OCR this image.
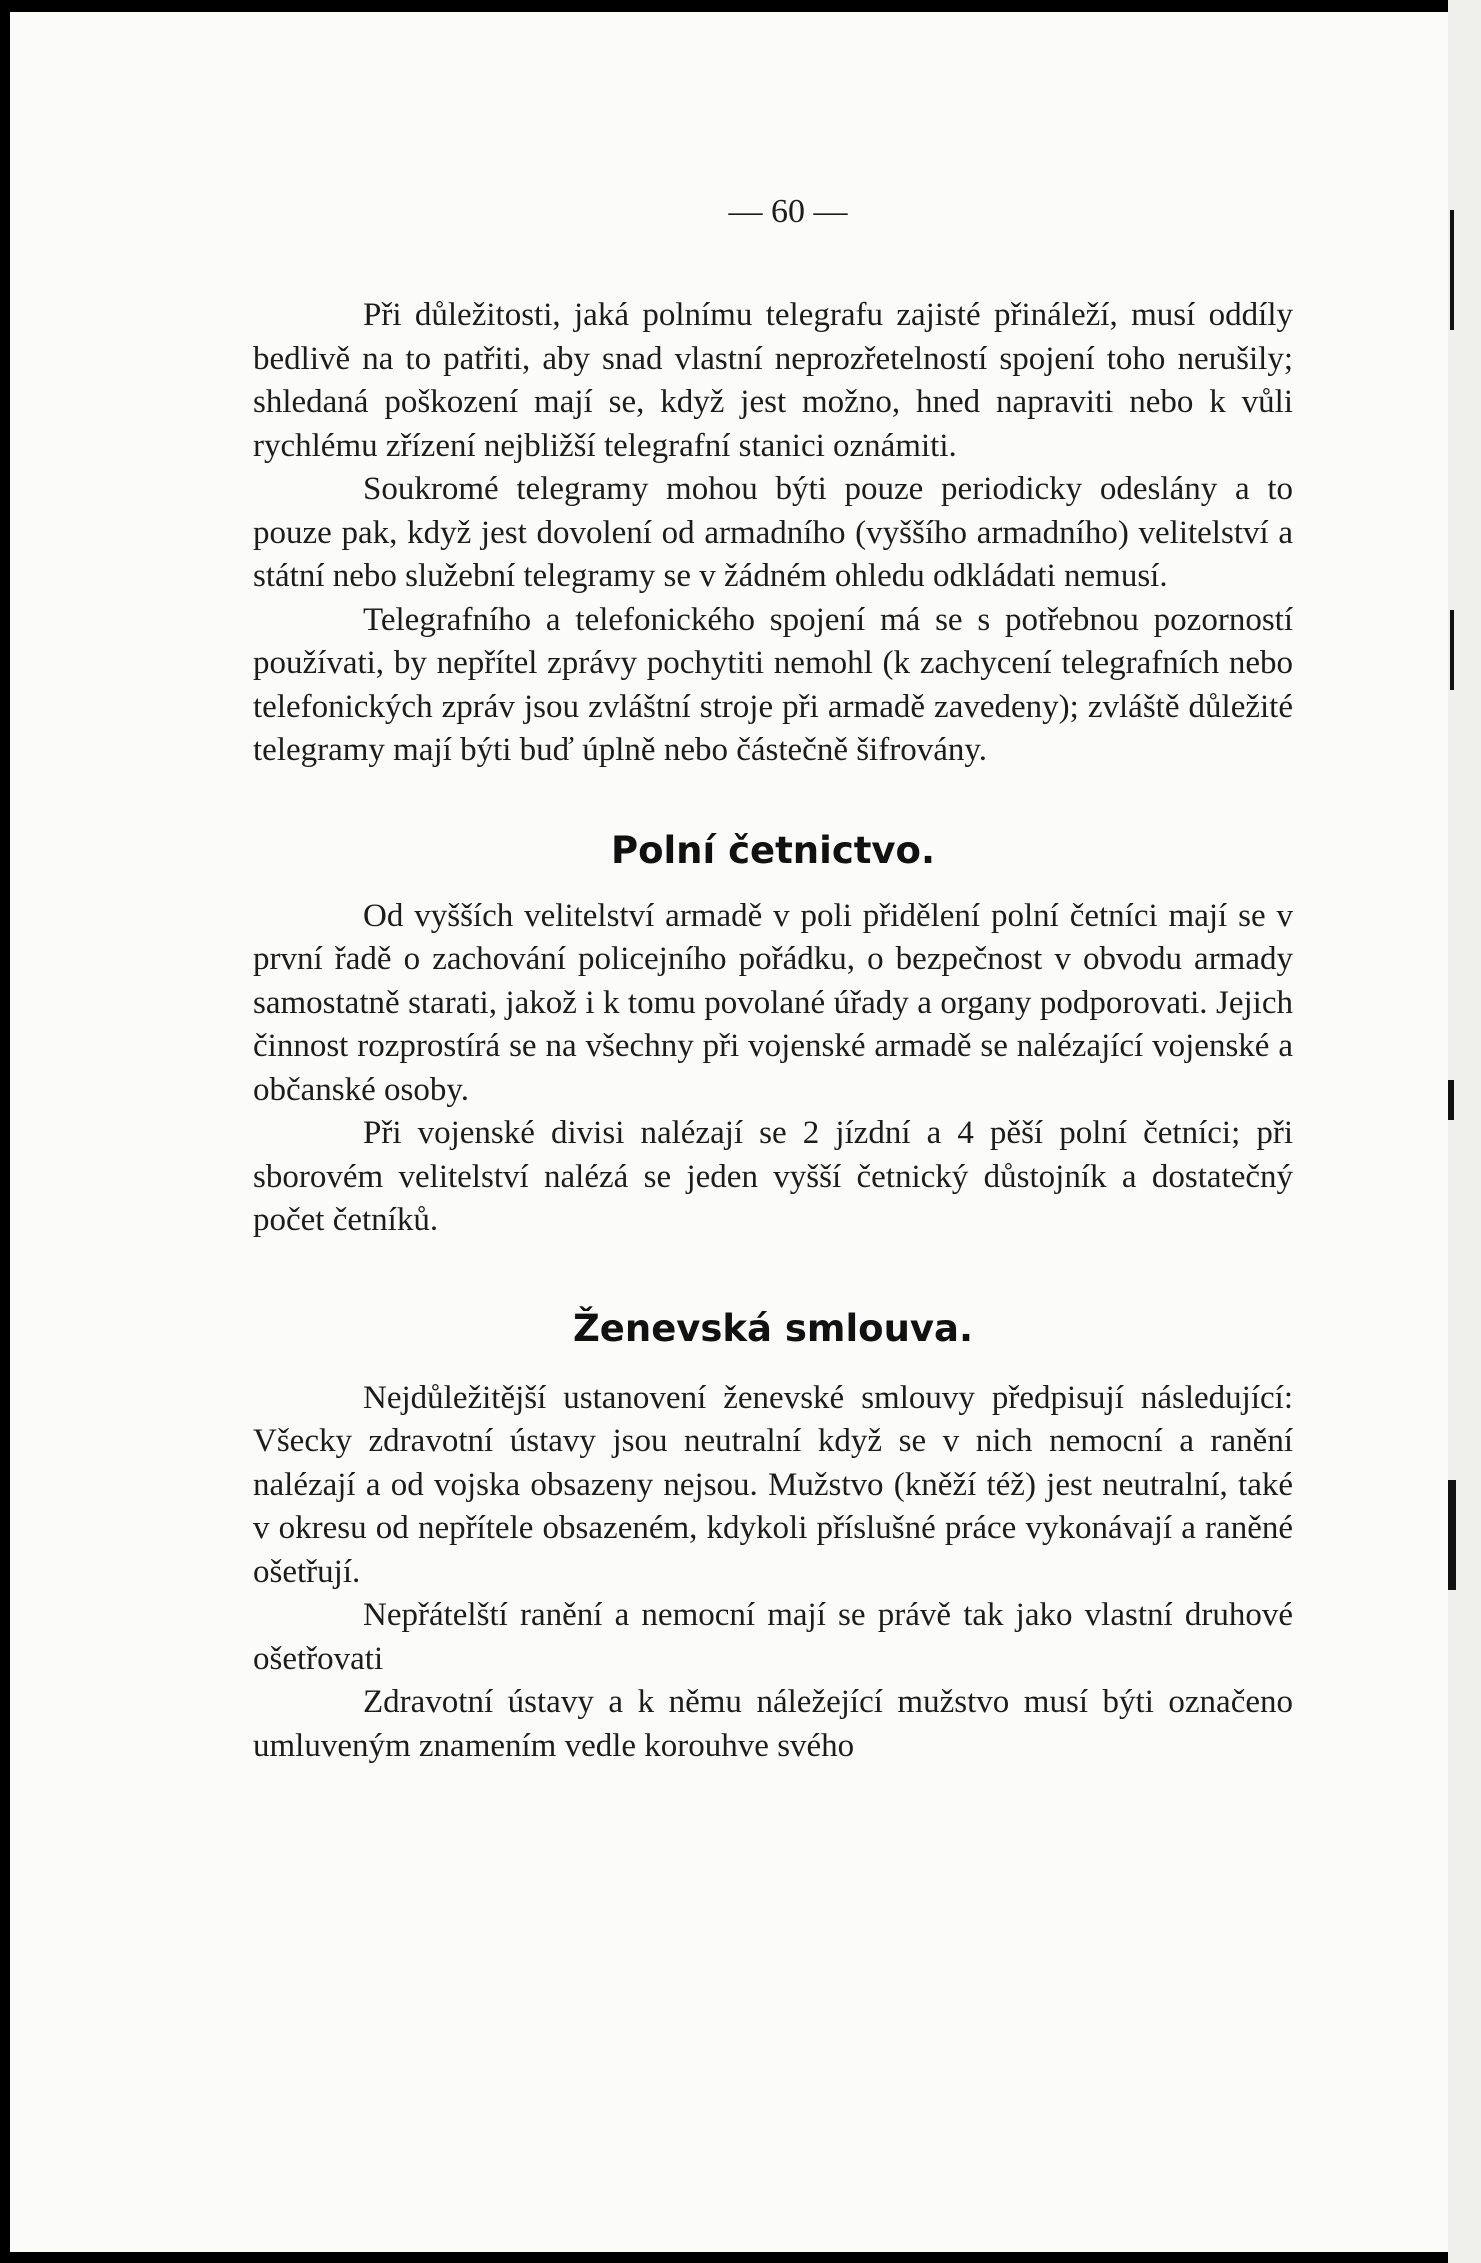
— 60 —

Při důležitosti, jaká polnímu telegrafu zajisté přináleží, musí oddíly bedlivě na to patřiti, aby snad vlastní neprozřetelností spojení toho nerušily; shledaná poškození mají se, když jest možno, hned napraviti nebo k vůli rychlému zřízení nejbližší telegrafní stanici oznámiti.

Soukromé telegramy mohou býti pouze periodicky odeslány a to pouze pak, když jest dovolení od armadního (vyššího armadního) velitelství a státní nebo služební telegramy se v žádném ohledu odkládati nemusí.

Telegrafního a telefonického spojení má se s potřebnou pozorností používati, by nepřítel zprávy pochytiti nemohl (k zachycení telegrafních nebo telefonických zpráv jsou zvláštní stroje při armadě zavedeny); zvláště důležité telegramy mají býti buď úplně nebo částečně šifrovány.

Polní četnictvo.

Od vyšších velitelství armadě v poli přidělení polní četníci mají se v první řadě o zachování policejního pořádku, o bezpečnost v obvodu armady samostatně starati, jakož i k tomu povolané úřady a organy podporovati. Jejich činnost rozprostírá se na všechny při vojenské armadě se nalézající vojenské a občanské osoby.

Při vojenské divisi nalézají se 2 jízdní a 4 pěší polní četníci; při sborovém velitelství nalézá se jeden vyšší četnický důstojník a dostatečný počet četníků.

Ženevská smlouva.

Nejdůležitější ustanovení ženevské smlouvy předpisují následující: Všecky zdravotní ústavy jsou neutralní když se v nich nemocní a ranění nalézají a od vojska obsazeny nejsou. Mužstvo (kněží též) jest neutralní, také v okresu od nepřítele obsazeném, kdykoli příslušné práce vykonávají a raněné ošetřují.

Nepřátelští ranění a nemocní mají se právě tak jako vlastní druhové ošetřovati

Zdravotní ústavy a k němu náležející mužstvo musí býti označeno umluveným znamením vedle korouhve svého
